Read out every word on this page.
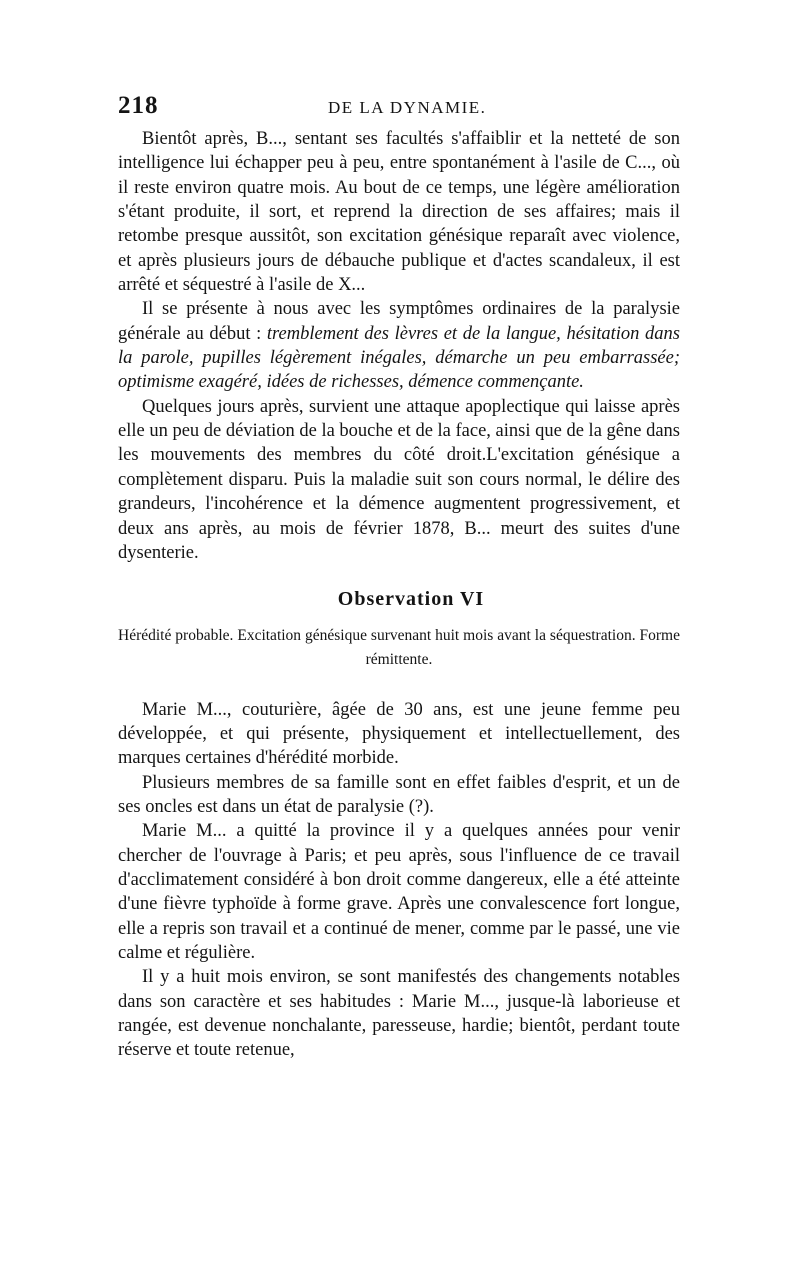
218	DE LA DYNAMIE.

Bientôt après, B..., sentant ses facultés s'affaiblir et la netteté de son intelligence lui échapper peu à peu, entre spontanément à l'asile de C..., où il reste environ quatre mois. Au bout de ce temps, une légère amélioration s'étant produite, il sort, et reprend la direction de ses affaires; mais il retombe presque aussitôt, son excitation génésique reparaît avec violence, et après plusieurs jours de débauche publique et d'actes scandaleux, il est arrêté et séquestré à l'asile de X...

Il se présente à nous avec les symptômes ordinaires de la paralysie générale au début : tremblement des lèvres et de la langue, hésitation dans la parole, pupilles légèrement inégales, démarche un peu embarrassée; optimisme exagéré, idées de richesses, démence commençante.

Quelques jours après, survient une attaque apoplectique qui laisse après elle un peu de déviation de la bouche et de la face, ainsi que de la gêne dans les mouvements des membres du côté droit.L'excitation génésique a complètement disparu. Puis la maladie suit son cours normal, le délire des grandeurs, l'incohérence et la démence augmentent progressivement, et deux ans après, au mois de février 1878, B... meurt des suites d'une dysenterie.

Observation VI

Hérédité probable. Excitation génésique survenant huit mois avant la séquestration. Forme rémittente.

Marie M..., couturière, âgée de 30 ans, est une jeune femme peu développée, et qui présente, physiquement et intellectuellement, des marques certaines d'hérédité morbide.

Plusieurs membres de sa famille sont en effet faibles d'esprit, et un de ses oncles est dans un état de paralysie (?).

Marie M... a quitté la province il y a quelques années pour venir chercher de l'ouvrage à Paris; et peu après, sous l'influence de ce travail d'acclimatement considéré à bon droit comme dangereux, elle a été atteinte d'une fièvre typhoïde à forme grave. Après une convalescence fort longue, elle a repris son travail et a continué de mener, comme par le passé, une vie calme et régulière.

Il y a huit mois environ, se sont manifestés des changements notables dans son caractère et ses habitudes : Marie M..., jusque-là laborieuse et rangée, est devenue nonchalante, paresseuse, hardie; bientôt, perdant toute réserve et toute retenue,
